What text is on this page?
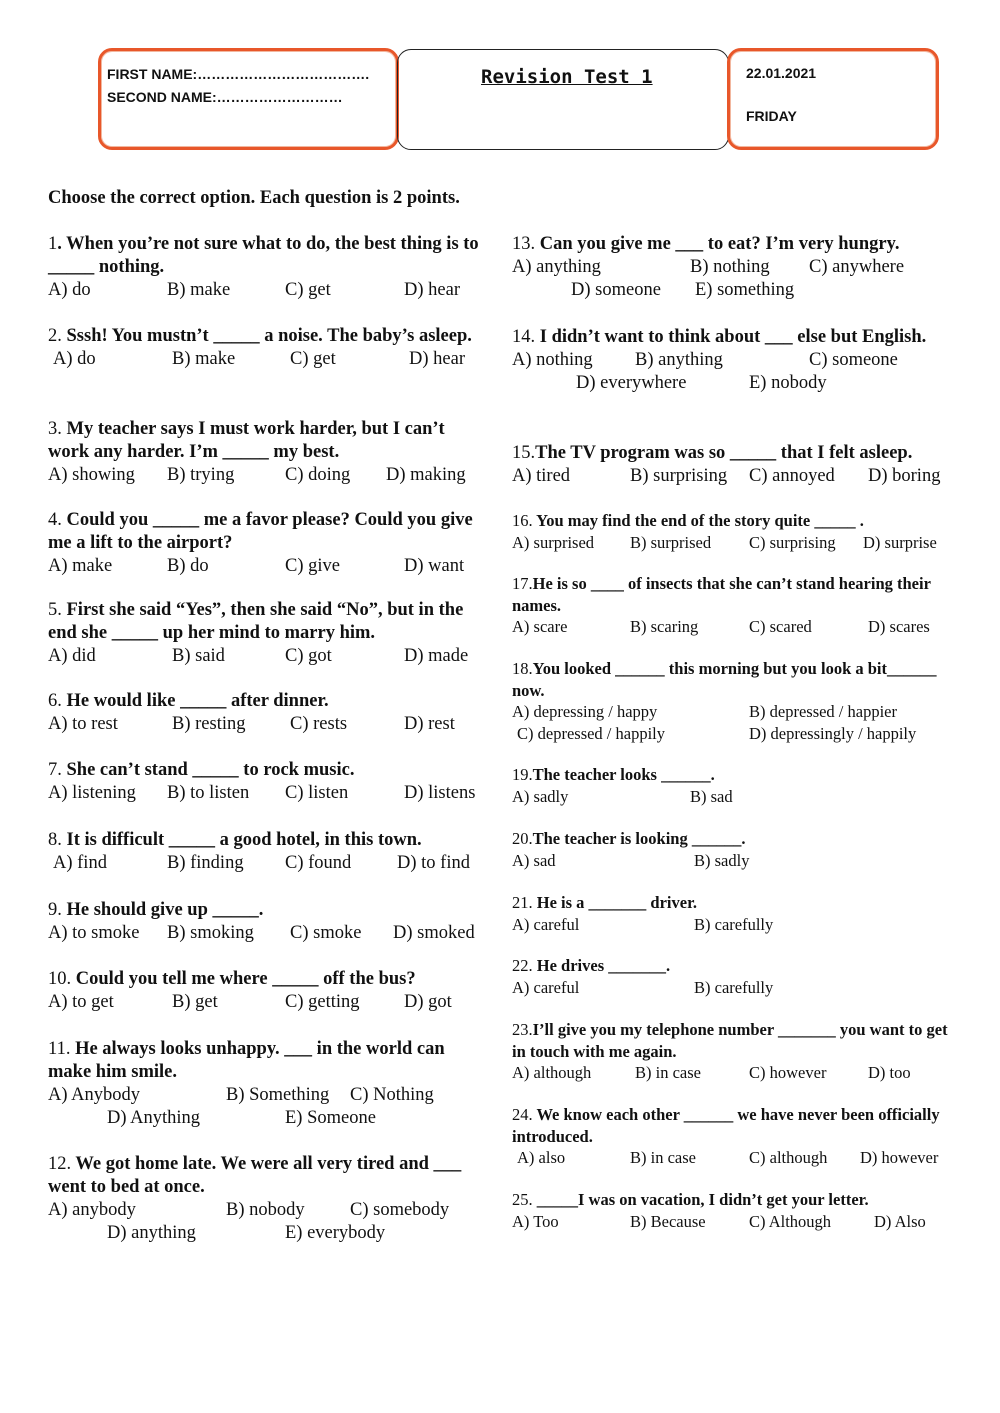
FIRST NAME:……………………………….
SECOND NAME:………………………
Revision Test 1	22.01.2021
FRIDAY
Choose the correct option. Each question is 2 points.
1. When you’re not sure what to do, the best thing is to _____ nothing.
A) do	B) make	C) get	D) hear
2. Sssh! You mustn’t _____ a noise. The baby’s asleep.
A) do	B) make	C) get	D) hear
3. My teacher says I must work harder, but I can’t work any harder. I’m _____ my best.
A) showing B) trying	C) doing D) making
4. Could you _____ me a favor please? Could you give me a lift to the airport?
A) make	B) do	C) give	D) want
5. First she said “Yes”, then she said “No”, but in the end she _____ up her mind to marry him.
A) did	B) said	C) got	D) made
6. He would like _____ after dinner.
A) to rest	B) resting C) rests	D) rest
7. She can’t stand _____ to rock music.
A) listening B) to listen C) listen	D) listens
8. It is difficult _____ a good hotel, in this town.
A) find	B) finding C) found D) to find
9. He should give up _____.
A) to smoke B) smoking C) smoke D) smoked
10. Could you tell me where _____ off the bus?
A) to get	B) get	C) getting D) got
11. He always looks unhappy. ___ in the world can make him smile.
A) Anybody	B) Something C) Nothing
D) Anything	E) Someone
12. We got home late. We were all very tired and ___ went to bed at once.
A) anybody	B) nobody C) somebody
D) anything	E) everybody
13. Can you give me ___ to eat? I’m very hungry.
A) anything	B) nothing C) anywhere
D) someone E) something
14. I didn’t want to think about ___ else but English.
A) nothing B) anything	C) someone
D) everywhere	E) nobody
15.The TV program was so _____ that I felt asleep.
A) tired	B) surprising C) annoyed D) boring
16. You may find the end of the story quite _____ .
A) surprised B) surprised C) surprising D) surprise
17.He is so ____ of insects that she can’t stand hearing their names.
A) scare	B) scaring	C) scared	D) scares
18.You looked ______ this morning but you look a bit______ now.
A) depressing / happy	B) depressed / happier
C) depressed / happily	D) depressingly / happily
19.The teacher looks ______.
A) sadly	B) sad
20.The teacher is looking ______.
A) sad	B) sadly
21. He is a _______ driver.
A) careful	B) carefully
22. He drives _______.
A) careful	B) carefully
23.I’ll give you my telephone number _______ you want to get in touch with me again.
A) although	B) in case	C) however	D) too
24. We know each other ______ we have never been officially introduced.
A) also	B) in case	C) although D) however
25. _____I was on vacation, I didn’t get your letter.
A) Too	B) Because	C) Although	D) Also
